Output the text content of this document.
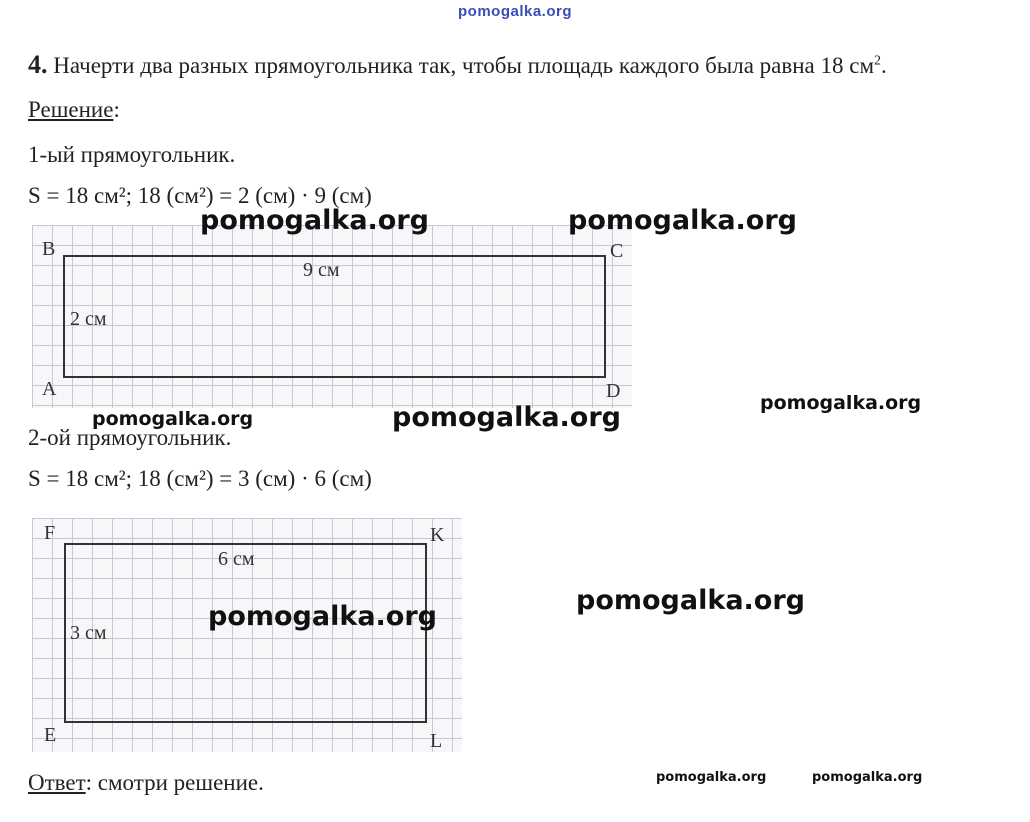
pomogalka.org
4. Начерти два разных прямоугольника так, чтобы площадь каждого была равна 18 $см^2$.
Решение:
1-ый прямоугольник.
S = 18 см²; 18 (см²) = 2 (см) · 9 (см)
B	C
A	D
9 см
2 см
2-ой прямоугольник.
S = 18 см²; 18 (см²) = 3 (см) · 6 (см)
F	K
E	L
6 см
3 см
Ответ: смотри решение.
pomogalka.org	pomogalka.org
pomogalka.org	pomogalka.org	pomogalka.org
pomogalka.org
pomogalka.org
pomogalka.org	pomogalka.org
